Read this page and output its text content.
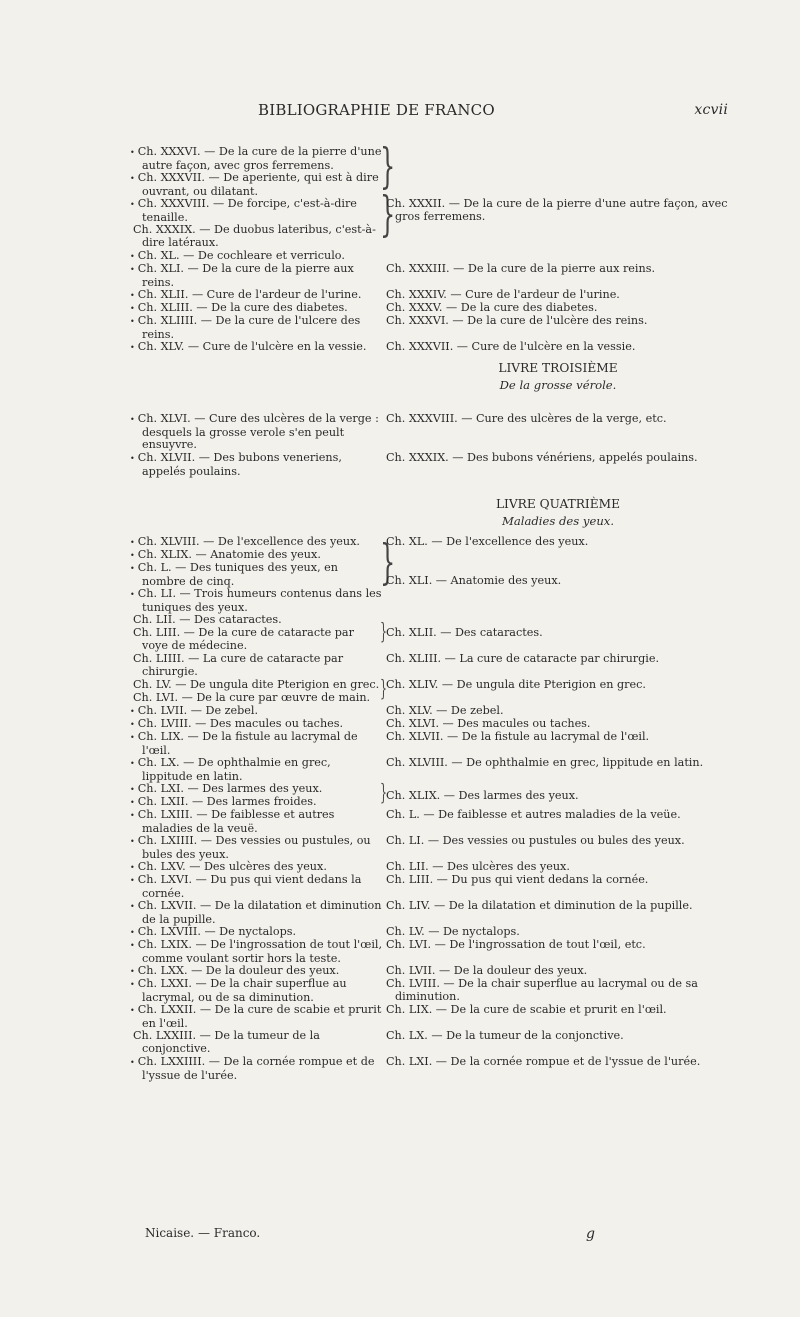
BIBLIOGRAPHIE DE FRANCO	xcvii
• Ch. XXXVI. — De la cure de la pierre d'une autre façon, avec gros ferremens.
• Ch. XXXVII. — De aperiente, qui est à dire ouvrant, ou dilatant.
• Ch. XXXVIII. — De forcipe, c'est-à-dire tenaille.
Ch. XXXIX. — De duobus lateribus, c'est-à-dire latéraux.
• Ch. XL. — De cochleare et verriculo.
• Ch. XLI. — De la cure de la pierre aux reins.
• Ch. XLII. — Cure de l'ardeur de l'urine.
• Ch. XLIII. — De la cure des diabetes.
• Ch. XLIIII. — De la cure de l'ulcere des reins.
• Ch. XLV. — Cure de l'ulcère en la vessie.
• Ch. XLVI. — Cure des ulcères de la verge : desquels la grosse verole s'en peult ensuyvre.
• Ch. XLVII. — Des bubons veneriens, appelés poulains.
• Ch. XLVIII. — De l'excellence des yeux.
• Ch. XLIX. — Anatomie des yeux.
• Ch. L. — Des tuniques des yeux, en nombre de cinq.
• Ch. LI. — Trois humeurs contenus dans les tuniques des yeux.
Ch. LII. — Des cataractes.
Ch. LIII. — De la cure de cataracte par voye de médecine.
Ch. LIIII. — La cure de cataracte par chirurgie.
Ch. LV. — De ungula dite Pterigion en grec.
Ch. LVI. — De la cure par œuvre de main.
• Ch. LVII. — De zebel.
• Ch. LVIII. — Des macules ou taches.
• Ch. LIX. — De la fistule au lacrymal de l'œil.
• Ch. LX. — De ophthalmie en grec, lippitude en latin.
• Ch. LXI. — Des larmes des yeux.
• Ch. LXII. — Des larmes froides.
• Ch. LXIII. — De faiblesse et autres maladies de la veuë.
• Ch. LXIIII. — Des vessies ou pustules, ou bules des yeux.
• Ch. LXV. — Des ulcères des yeux.
• Ch. LXVI. — Du pus qui vient dedans la cornée.
• Ch. LXVII. — De la dilatation et diminution de la pupille.
• Ch. LXVIII. — De nyctalops.
• Ch. LXIX. — De l'ingrossation de tout l'œil, comme voulant sortir hors la teste.
• Ch. LXX. — De la douleur des yeux.
• Ch. LXXI. — De la chair superflue au lacrymal, ou de sa diminution.
• Ch. LXXII. — De la cure de scabie et prurit en l'œil.
Ch. LXXIII. — De la tumeur de la conjonctive.
• Ch. LXXIIII. — De la cornée rompue et de l'yssue de l'urée.
}
}
}
}
}
}
Ch. XXXII. — De la cure de la pierre d'une autre façon, avec gros ferremens.
Ch. XXXIII. — De la cure de la pierre aux reins.
Ch. XXXIV. — Cure de l'ardeur de l'urine.
Ch. XXXV. — De la cure des diabetes.
Ch. XXXVI. — De la cure de l'ulcère des reins.
Ch. XXXVII. — Cure de l'ulcère en la vessie.
LIVRE TROISIÈME
De la grosse vérole.
Ch. XXXVIII. — Cure des ulcères de la verge, etc.
Ch. XXXIX. — Des bubons vénériens, appelés poulains.
LIVRE QUATRIÈME
Maladies des yeux.
Ch. XL. — De l'excellence des yeux.
Ch. XLI. — Anatomie des yeux.
Ch. XLII. — Des cataractes.
Ch. XLIII. — La cure de cataracte par chirurgie.
Ch. XLIV. — De ungula dite Pterigion en grec.
Ch. XLV. — De zebel.
Ch. XLVI. — Des macules ou taches.
Ch. XLVII. — De la fistule au lacrymal de l'œil.
Ch. XLVIII. — De ophthalmie en grec, lippitude en latin.
Ch. XLIX. — Des larmes des yeux.
Ch. L. — De faiblesse et autres maladies de la veüe.
Ch. LI. — Des vessies ou pustules ou bules des yeux.
Ch. LII. — Des ulcères des yeux.
Ch. LIII. — Du pus qui vient dedans la cornée.
Ch. LIV. — De la dilatation et diminution de la pupille.
Ch. LV. — De nyctalops.
Ch. LVI. — De l'ingrossation de tout l'œil, etc.
Ch. LVII. — De la douleur des yeux.
Ch. LVIII. — De la chair superflue au lacrymal ou de sa diminution.
Ch. LIX. — De la cure de scabie et prurit en l'œil.
Ch. LX. — De la tumeur de la conjonctive.
Ch. LXI. — De la cornée rompue et de l'yssue de l'urée.
Nicaise. — Franco.	g
